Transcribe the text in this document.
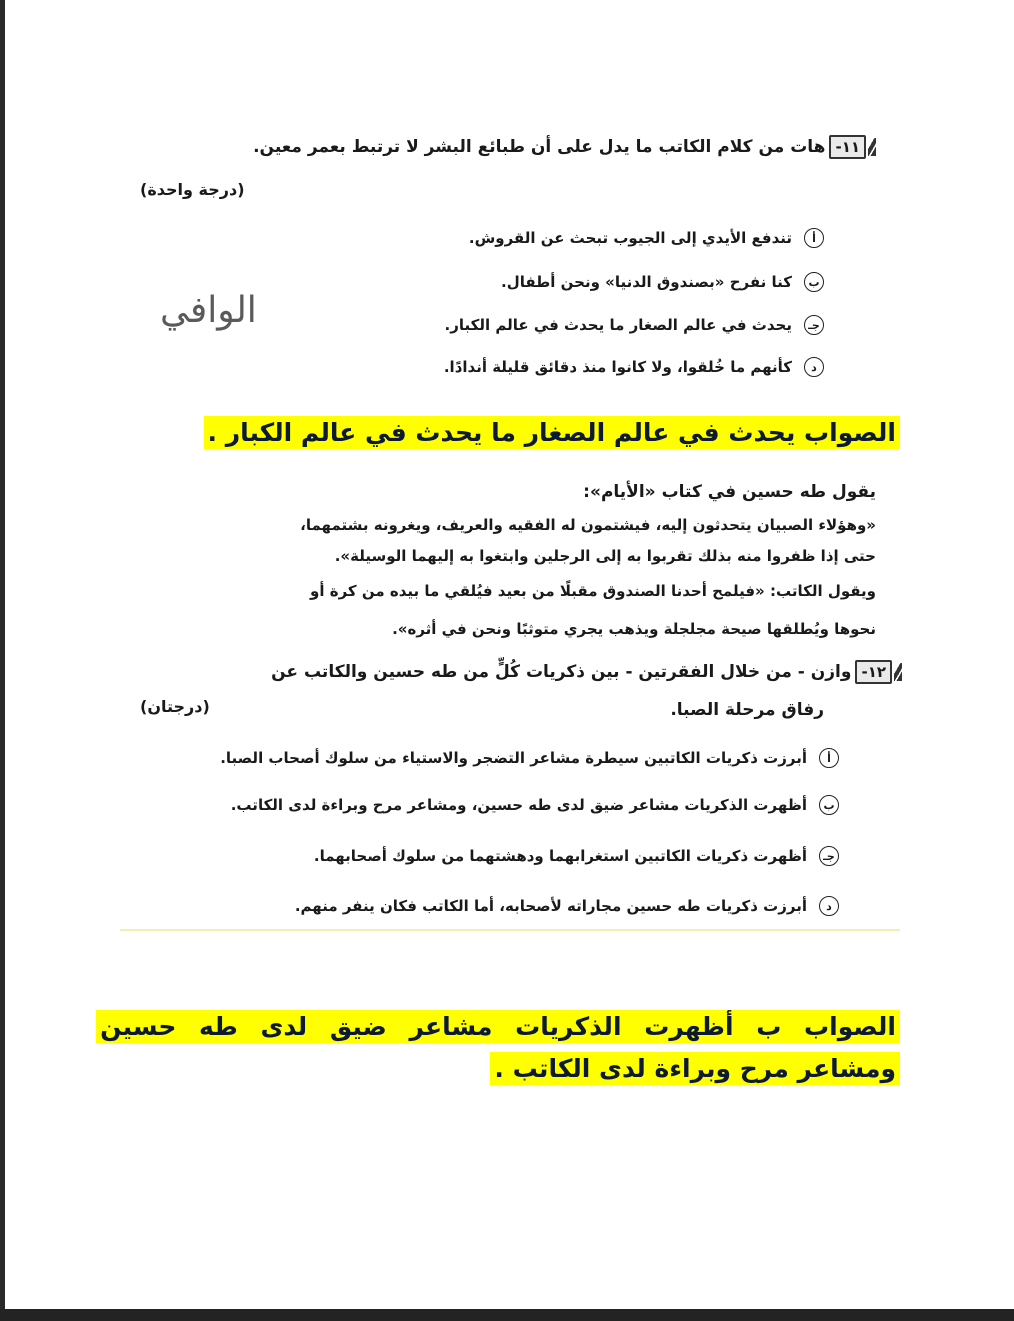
١١-هات من كلام الكاتب ما يدل على أن طبائع البشر لا ترتبط بعمر معين.
(درجة واحدة)
أ
تندفع الأيدي إلى الجيوب تبحث عن القروش.
ب
كنا نفرح «بصندوق الدنيا» ونحن أطفال.
جـ
يحدث في عالم الصغار ما يحدث في عالم الكبار.
د
كأنهم ما خُلقوا، ولا كانوا منذ دقائق قليلة أندادًا.
الوافي
الصواب يحدث في عالم الصغار ما يحدث في عالم الكبار .
يقول طه حسين في كتاب «الأيام»:
«وهؤلاء الصبيان يتحدثون إليه، فيشتمون له الفقيه والعريف، ويغرونه بشتمهما،
حتى إذا ظفروا منه بذلك تقربوا به إلى الرجلين وابتغوا به إليهما الوسيلة».
ويقول الكاتب: «فيلمح أحدنا الصندوق مقبلًا من بعيد فيُلقي ما بيده من كرة أو
نحوها ويُطلقها صيحة مجلجلة ويذهب يجري متوثبًا ونحن في أثره».
١٢-وازن - من خلال الفقرتين - بين ذكريات كُلٍّ من طه حسين والكاتب عن
رفاق مرحلة الصبا.
(درجتان)
أ
أبرزت ذكريات الكاتبين سيطرة مشاعر التضجر والاستياء من سلوك أصحاب الصبا.
ب
أظهرت الذكريات مشاعر ضيق لدى طه حسين، ومشاعر مرح وبراءة لدى الكاتب.
جـ
أظهرت ذكريات الكاتبين استغرابهما ودهشتهما من سلوك أصحابهما.
د
أبرزت ذكريات طه حسين مجاراته لأصحابه، أما الكاتب فكان ينفر منهم.
الصواب ب أظهرت الذكريات مشاعر ضيق لدى طه حسين
ومشاعر مرح وبراءة لدى الكاتب .
